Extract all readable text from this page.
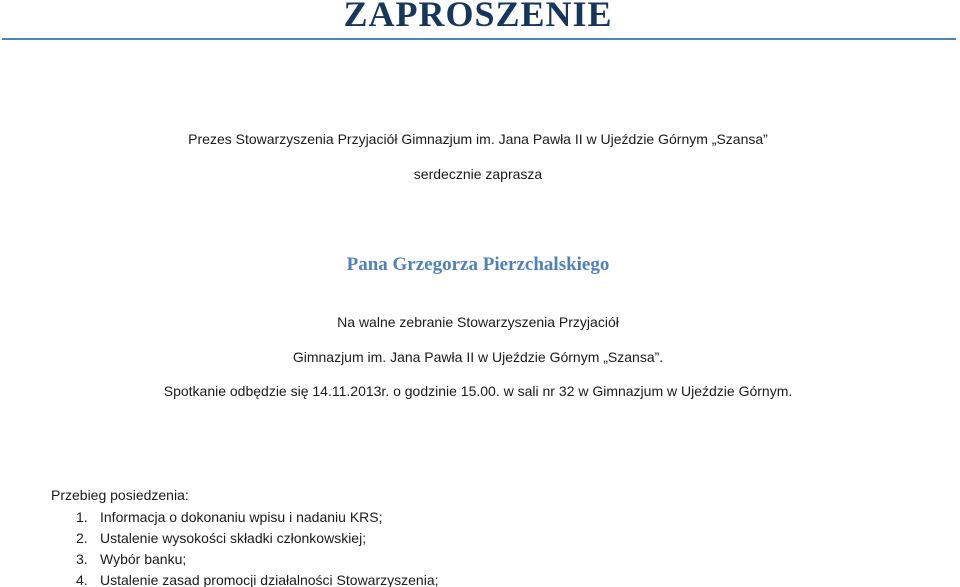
ZAPROSZENIE
Prezes Stowarzyszenia Przyjaciół Gimnazjum im. Jana Pawła II w Ujeździe Górnym „Szansa”
serdecznie zaprasza
Pana Grzegorza Pierzchalskiego
Na walne zebranie Stowarzyszenia Przyjaciół
Gimnazjum im. Jana Pawła II w Ujeździe Górnym „Szansa”.
Spotkanie odbędzie się 14.11.2013r. o godzinie 15.00. w sali nr 32 w Gimnazjum w Ujeździe Górnym.
Przebieg posiedzenia:
1. Informacja o dokonaniu wpisu i nadaniu KRS;
2. Ustalenie wysokości składki członkowskiej;
3. Wybór banku;
4. Ustalenie zasad promocji działalności Stowarzyszenia;
